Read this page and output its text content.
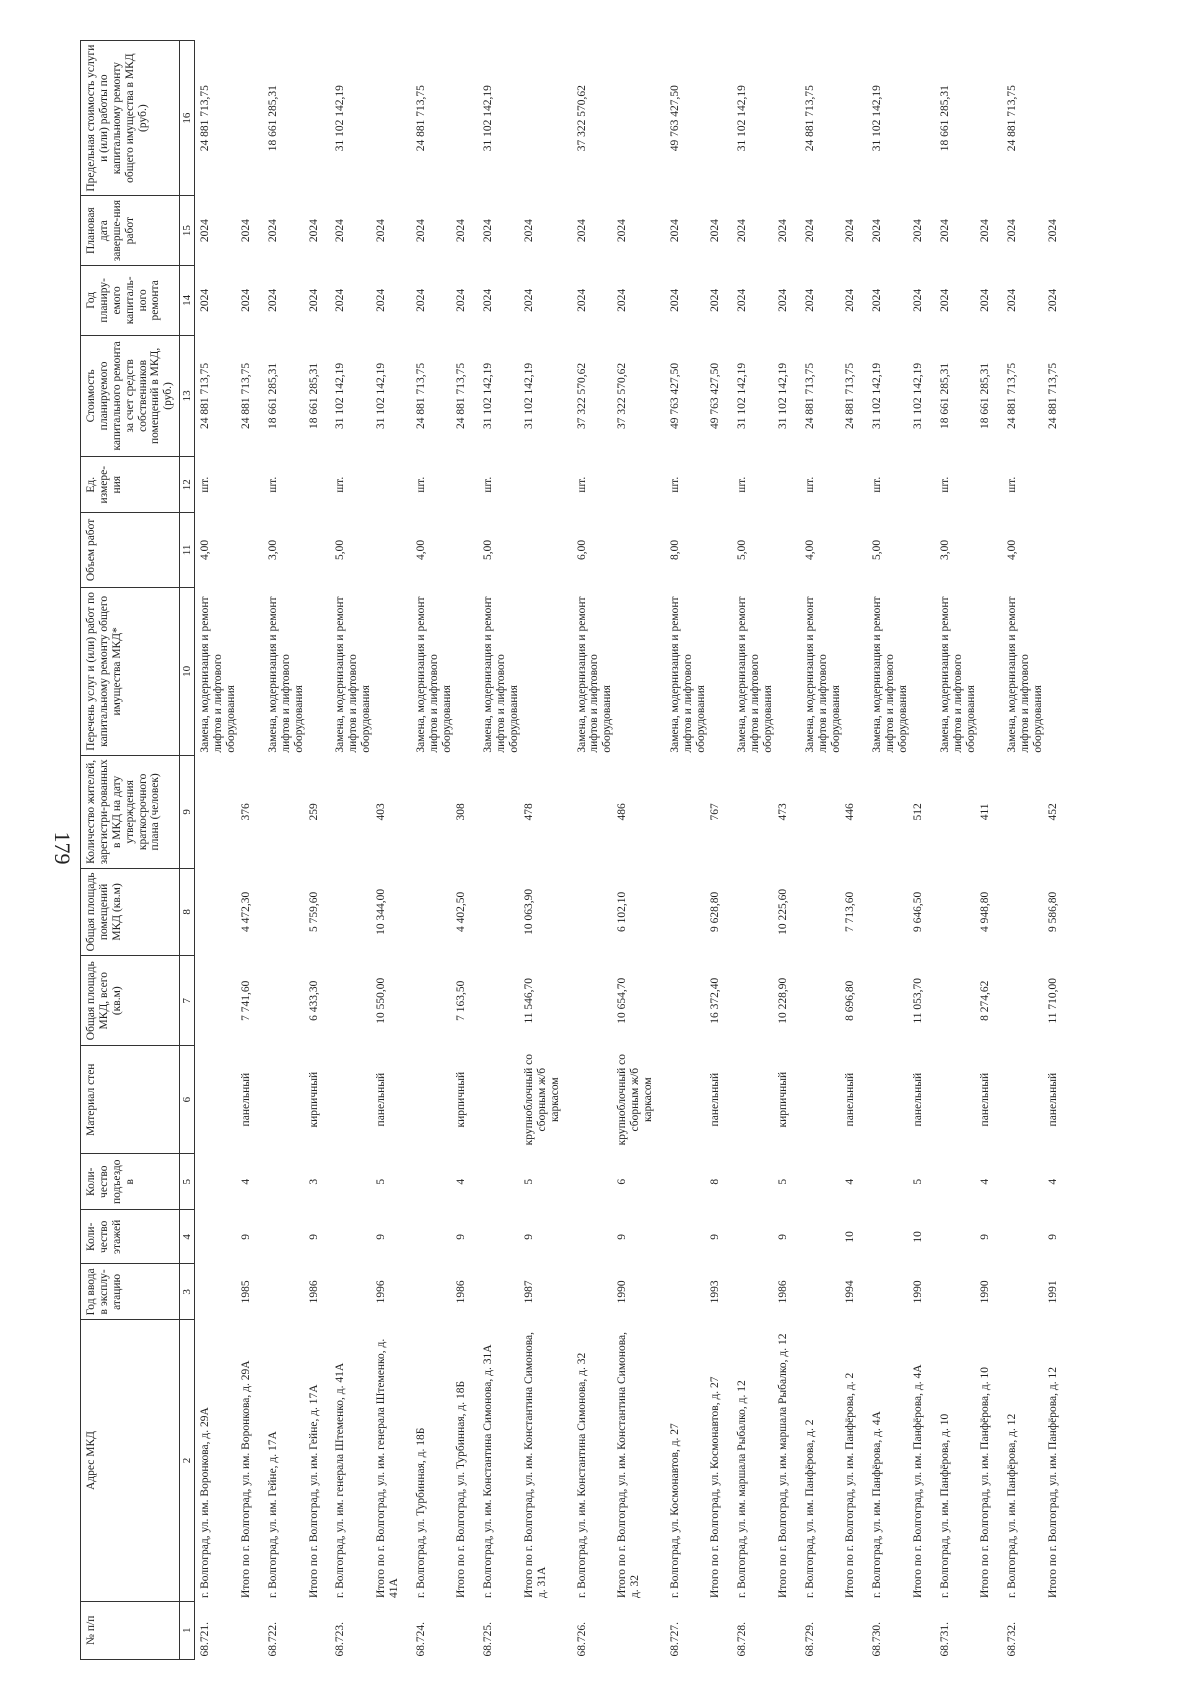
179
№ п/п	Адрес МКД	Год ввода в эксплу-атацию	Коли-чество этажей	Коли-чество подъездо в	Материал стен	Общая площадь МКД, всего (кв.м)	Общая площадь помещений МКД (кв.м)	Количество жителей, зарегистри-рованных в МКД на дату утверждения краткосрочного плана (человек)	Перечень услуг и (или) работ по капитальному ремонту общего имущества МКД*	Объем работ	Ед. измере-ния	Стоимость планируемого капитального ремонта за счет средств собственников помещений в МКД, (руб.)	Год планиру-емого капиталь-ного ремонта	Плановая дата заверше-ния работ	Предельная стоимость услуги и (или) работы по капитальному ремонту общего имущества в МКД (руб.)
1	2	3	4	5	6	7	8	9	10	11	12	13	14	15	16
68.721.	г. Волгоград, ул. им. Воронкова, д. 29А								Замена, модернизация и ремонт лифтов и лифтового оборудования	4,00	шт.	24 881 713,75	2024	2024	24 881 713,75
	Итого по г. Волгоград, ул. им. Воронкова, д. 29А	1985	9	4	панельный	7 741,60	4 472,30	376				24 881 713,75	2024	2024	
68.722.	г. Волгоград, ул. им. Гейне, д. 17А								Замена, модернизация и ремонт лифтов и лифтового оборудования	3,00	шт.	18 661 285,31	2024	2024	18 661 285,31
	Итого по г. Волгоград, ул. им. Гейне, д. 17А	1986	9	3	кирпичный	6 433,30	5 759,60	259				18 661 285,31	2024	2024	
68.723.	г. Волгоград, ул. им. генерала Штеменко, д. 41А								Замена, модернизация и ремонт лифтов и лифтового оборудования	5,00	шт.	31 102 142,19	2024	2024	31 102 142,19
	Итого по г. Волгоград, ул. им. генерала Штеменко, д. 41А	1996	9	5	панельный	10 550,00	10 344,00	403				31 102 142,19	2024	2024	
68.724.	г. Волгоград, ул. Турбинная, д. 18Б								Замена, модернизация и ремонт лифтов и лифтового оборудования	4,00	шт.	24 881 713,75	2024	2024	24 881 713,75
	Итого по г. Волгоград, ул. Турбинная, д. 18Б	1986	9	4	кирпичный	7 163,50	4 402,50	308				24 881 713,75	2024	2024	
68.725.	г. Волгоград, ул. им. Константина Симонова, д. 31А								Замена, модернизация и ремонт лифтов и лифтового оборудования	5,00	шт.	31 102 142,19	2024	2024	31 102 142,19
	Итого по г. Волгоград, ул. им. Константина Симонова, д. 31А	1987	9	5	крупноблочный со сборным ж/б каркасом	11 546,70	10 063,90	478				31 102 142,19	2024	2024	
68.726.	г. Волгоград, ул. им. Константина Симонова, д. 32								Замена, модернизация и ремонт лифтов и лифтового оборудования	6,00	шт.	37 322 570,62	2024	2024	37 322 570,62
	Итого по г. Волгоград, ул. им. Константина Симонова, д. 32	1990	9	6	крупноблочный со сборным ж/б каркасом	10 654,70	6 102,10	486				37 322 570,62	2024	2024	
68.727.	г. Волгоград, ул. Космонавтов, д. 27								Замена, модернизация и ремонт лифтов и лифтового оборудования	8,00	шт.	49 763 427,50	2024	2024	49 763 427,50
	Итого по г. Волгоград, ул. Космонавтов, д. 27	1993	9	8	панельный	16 372,40	9 628,80	767				49 763 427,50	2024	2024	
68.728.	г. Волгоград, ул. им. маршала Рыбалко, д. 12								Замена, модернизация и ремонт лифтов и лифтового оборудования	5,00	шт.	31 102 142,19	2024	2024	31 102 142,19
	Итого по г. Волгоград, ул. им. маршала Рыбалко, д. 12	1986	9	5	кирпичный	10 228,90	10 225,60	473				31 102 142,19	2024	2024	
68.729.	г. Волгоград, ул. им. Панфёрова, д. 2								Замена, модернизация и ремонт лифтов и лифтового оборудования	4,00	шт.	24 881 713,75	2024	2024	24 881 713,75
	Итого по г. Волгоград, ул. им. Панфёрова, д. 2	1994	10	4	панельный	8 696,80	7 713,60	446				24 881 713,75	2024	2024	
68.730.	г. Волгоград, ул. им. Панфёрова, д. 4А								Замена, модернизация и ремонт лифтов и лифтового оборудования	5,00	шт.	31 102 142,19	2024	2024	31 102 142,19
	Итого по г. Волгоград, ул. им. Панфёрова, д. 4А	1990	10	5	панельный	11 053,70	9 646,50	512				31 102 142,19	2024	2024	
68.731.	г. Волгоград, ул. им. Панфёрова, д. 10								Замена, модернизация и ремонт лифтов и лифтового оборудования	3,00	шт.	18 661 285,31	2024	2024	18 661 285,31
	Итого по г. Волгоград, ул. им. Панфёрова, д. 10	1990	9	4	панельный	8 274,62	4 948,80	411				18 661 285,31	2024	2024	
68.732.	г. Волгоград, ул. им. Панфёрова, д. 12								Замена, модернизация и ремонт лифтов и лифтового оборудования	4,00	шт.	24 881 713,75	2024	2024	24 881 713,75
	Итого по г. Волгоград, ул. им. Панфёрова, д. 12	1991	9	4	панельный	11 710,00	9 586,80	452				24 881 713,75	2024	2024	
